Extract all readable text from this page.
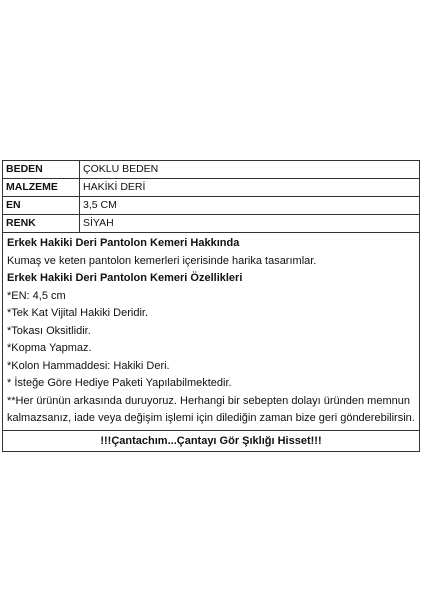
BEDEN	ÇOKLU BEDEN
MALZEME	HAKİKİ DERİ
EN	3,5 CM
RENK	SİYAH
Erkek Hakiki Deri Pantolon Kemeri Hakkında
Kumaş ve keten pantolon kemerleri içerisinde harika tasarımlar.
Erkek Hakiki Deri Pantolon Kemeri Özellikleri
*EN: 4,5 cm
*Tek Kat Vijital Hakiki Deridir.
*Tokası Oksitlidir.
*Kopma Yapmaz.
*Kolon Hammaddesi: Hakiki Deri.
* İsteğe Göre Hediye Paketi Yapılabilmektedir.
**Her ürünün arkasında duruyoruz. Herhangi bir sebepten dolayı üründen memnun kalmazsanız, iade veya değişim işlemi için dilediğin zaman bize geri gönderebilirsin.
!!!Çantachım...Çantayı Gör Şıklığı Hisset!!!
